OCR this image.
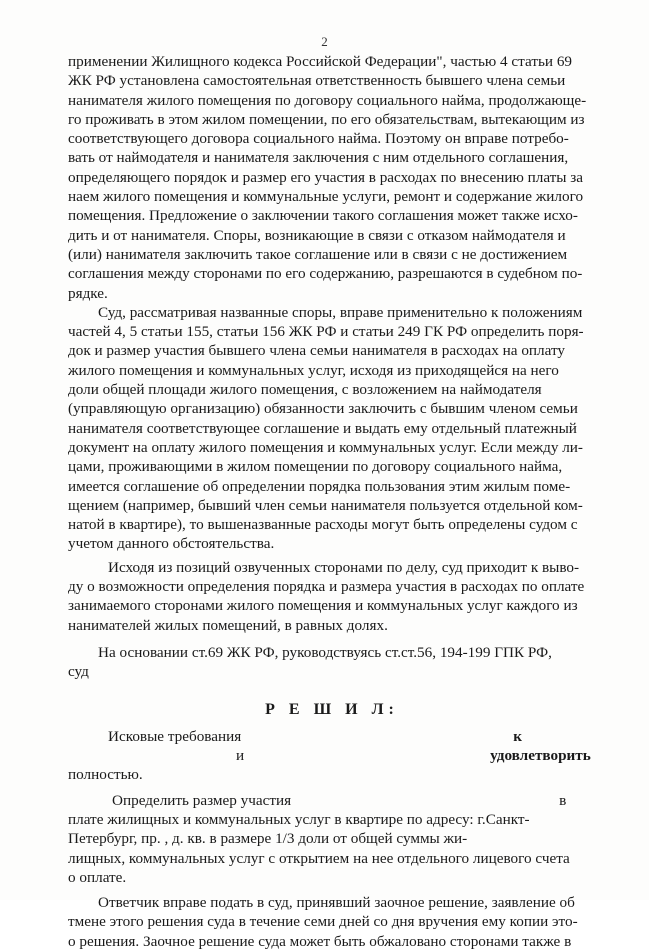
2

применении Жилищного кодекса Российской Федерации", частью 4 статьи 69
ЖК РФ установлена самостоятельная ответственность бывшего члена семьи
нанимателя жилого помещения по договору социального найма, продолжающе-
го проживать в этом жилом помещении, по его обязательствам, вытекающим из
соответствующего договора социального найма. Поэтому он вправе потребо-
вать от наймодателя и нанимателя заключения с ним отдельного соглашения,
определяющего порядок и размер его участия в расходах по внесению платы за
наем жилого помещения и коммунальные услуги, ремонт и содержание жилого
помещения. Предложение о заключении такого соглашения может также исхо-
дить и от нанимателя. Споры, возникающие в связи с отказом наймодателя и
(или) нанимателя заключить такое соглашение или в связи с не достижением
соглашения между сторонами по его содержанию, разрешаются в судебном по-
рядке.

Суд, рассматривая названные споры, вправе применительно к положениям
частей 4, 5 статьи 155, статьи 156 ЖК РФ и статьи 249 ГК РФ определить поря-
док и размер участия бывшего члена семьи нанимателя в расходах на оплату
жилого помещения и коммунальных услуг, исходя из приходящейся на него
доли общей площади жилого помещения, с возложением на наймодателя
(управляющую организацию) обязанности заключить с бывшим членом семьи
нанимателя соответствующее соглашение и выдать ему отдельный платежный
документ на оплату жилого помещения и коммунальных услуг. Если между ли-
цами, проживающими в жилом помещении по договору социального найма,
имеется соглашение об определении порядка пользования этим жилым поме-
щением (например, бывший член семьи нанимателя пользуется отдельной ком-
натой в квартире), то вышеназванные расходы могут быть определены судом с
учетом данного обстоятельства.

Исходя из позиций озвученных сторонами по делу, суд приходит к выво-
ду о возможности определения порядка и размера участия в расходах по оплате
занимаемого сторонами жилого помещения и коммунальных услуг каждого из
нанимателей жилых помещений, в равных долях.

На основании ст.69 ЖК РФ, руководствуясь ст.ст.56, 194-199 ГПК РФ,
суд

Р Е Ш И Л:

Исковые требования	к
и	удовлетворить
полностью.

Определить размер участия	в
плате жилищных и коммунальных услуг в квартире по адресу: г.Санкт-
Петербург, пр. , д. кв. в размере 1/3 доли от общей суммы жи-
лищных, коммунальных услуг с открытием на нее отдельного лицевого счета
о оплате.

Ответчик вправе подать в суд, принявший заочное решение, заявление об
тмене этого решения суда в течение семи дней со дня вручения ему копии это-
о решения. Заочное решение суда может быть обжаловано сторонами также в
